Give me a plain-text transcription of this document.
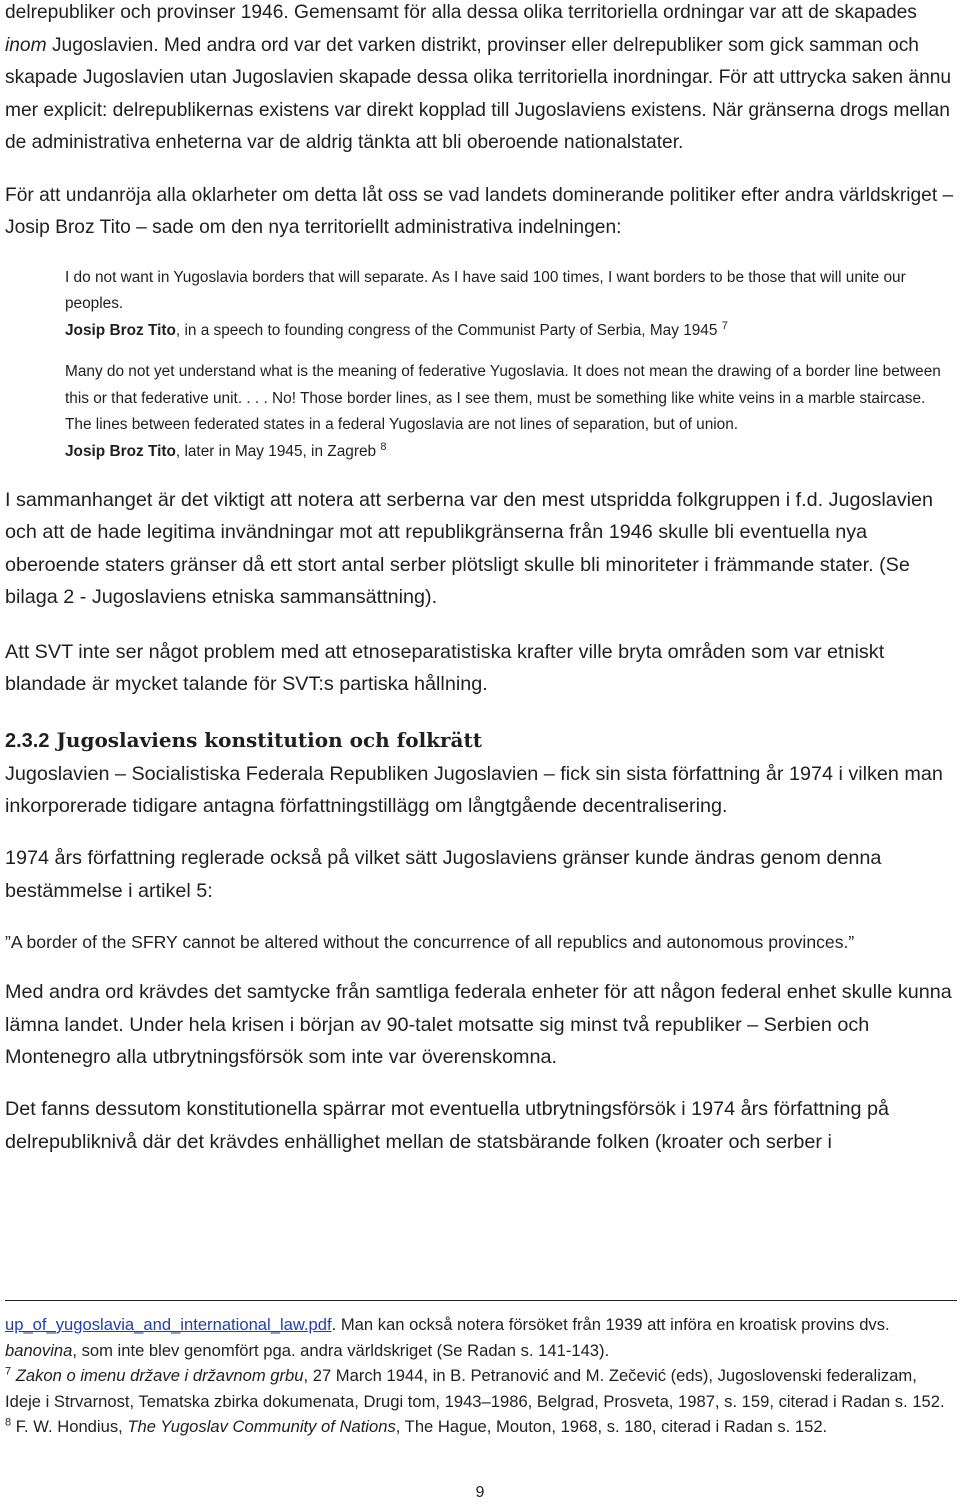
delrepubliker och provinser 1946. Gemensamt för alla dessa olika territoriella ordningar var att de skapades inom Jugoslavien. Med andra ord var det varken distrikt, provinser eller delrepubliker som gick samman och skapade Jugoslavien utan Jugoslavien skapade dessa olika territoriella inordningar. För att uttrycka saken ännu mer explicit: delrepublikernas existens var direkt kopplad till Jugoslaviens existens. När gränserna drogs mellan de administrativa enheterna var de aldrig tänkta att bli oberoende nationalstater.

För att undanröja alla oklarheter om detta låt oss se vad landets dominerande politiker efter andra världskriget – Josip Broz Tito – sade om den nya territoriellt administrativa indelningen:

I do not want in Yugoslavia borders that will separate. As I have said 100 times, I want borders to be those that will unite our peoples.
Josip Broz Tito, in a speech to founding congress of the Communist Party of Serbia, May 1945 $^7$

Many do not yet understand what is the meaning of federative Yugoslavia. It does not mean the drawing of a border line between this or that federative unit. . . . No! Those border lines, as I see them, must be something like white veins in a marble staircase. The lines between federated states in a federal Yugoslavia are not lines of separation, but of union.
Josip Broz Tito, later in May 1945, in Zagreb $^8$

I sammanhanget är det viktigt att notera att serberna var den mest utspridda folkgruppen i f.d. Jugoslavien och att de hade legitima invändningar mot att republikgränserna från 1946 skulle bli eventuella nya oberoende staters gränser då ett stort antal serber plötsligt skulle bli minoriteter i främmande stater. (Se bilaga 2 - Jugoslaviens etniska sammansättning).

Att SVT inte ser något problem med att etnoseparatistiska krafter ville bryta områden som var etniskt blandade är mycket talande för SVT:s partiska hållning.

2.3.2 Jugoslaviens konstitution och folkrätt

Jugoslavien – Socialistiska Federala Republiken Jugoslavien – fick sin sista författning år 1974 i vilken man inkorporerade tidigare antagna författningstillägg om långtgående decentralisering.

1974 års författning reglerade också på vilket sätt Jugoslaviens gränser kunde ändras genom denna bestämmelse i artikel 5:

”A border of the SFRY cannot be altered without the concurrence of all republics and autonomous provinces.”

Med andra ord krävdes det samtycke från samtliga federala enheter för att någon federal enhet skulle kunna lämna landet. Under hela krisen i början av 90-talet motsatte sig minst två republiker – Serbien och Montenegro alla utbrytningsförsök som inte var överenskomna.

Det fanns dessutom konstitutionella spärrar mot eventuella utbrytningsförsök i 1974 års författning på delrepubliknivå där det krävdes enhällighet mellan de statsbärande folken (kroater och serber i

up_of_yugoslavia_and_international_law.pdf. Man kan också notera försöket från 1939 att införa en kroatisk provins dvs. banovina, som inte blev genomfört pga. andra världskriget (Se Radan s. 141-143).

$^7$ Zakon o imenu države i državnom grbu, 27 March 1944, in B. Petranović and M. Zečević (eds), Jugoslovenski federalizam, Ideje i Strvarnost, Tematska zbirka dokumenata, Drugi tom, 1943–1986, Belgrad, Prosveta, 1987, s. 159, citerad i Radan s. 152.

$^8$ F. W. Hondius, The Yugoslav Community of Nations, The Hague, Mouton, 1968, s. 180, citerad i Radan s. 152.

9
